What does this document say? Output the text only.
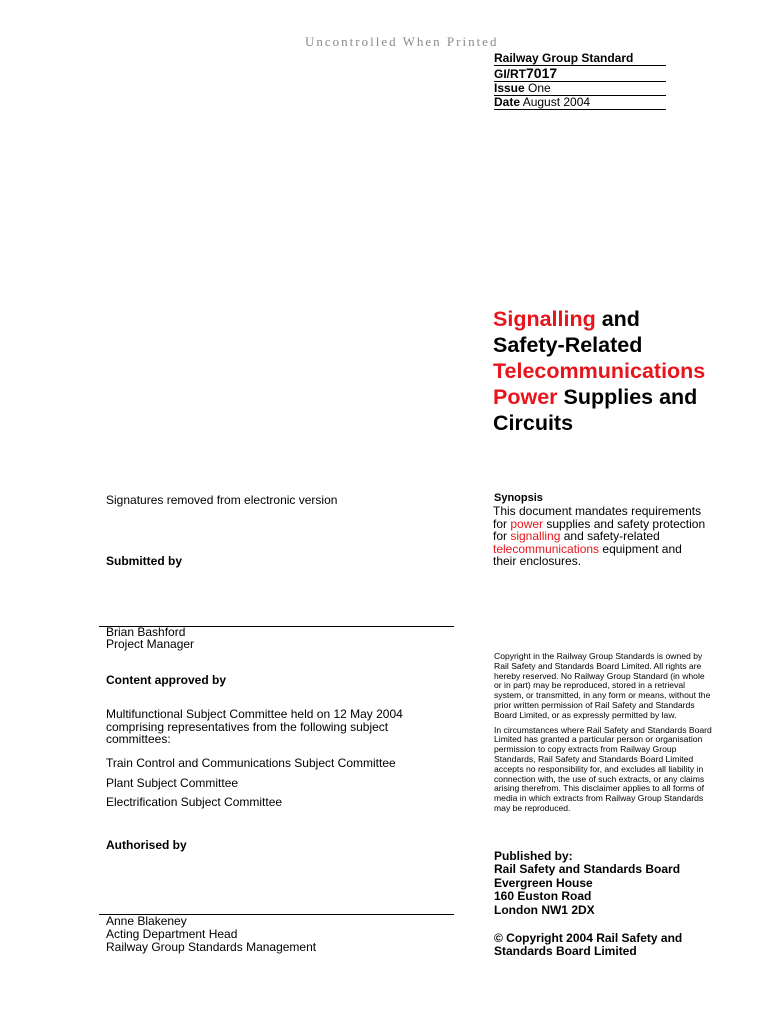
Uncontrolled When Printed
Railway Group Standard
GI/RT7017
Issue One
Date August 2004
Signalling and
Safety-Related
Telecommunications
Power Supplies and
Circuits
Synopsis
This document mandates requirements for power supplies and safety protection for signalling and safety-related telecommunications equipment and their enclosures.

Copyright in the Railway Group Standards is owned by Rail Safety and Standards Board Limited. All rights are hereby reserved. No Railway Group Standard (in whole or in part) may be reproduced, stored in a retrieval system, or transmitted, in any form or means, without the prior written permission of Rail Safety and Standards Board Limited, or as expressly permitted by law.

In circumstances where Rail Safety and Standards Board Limited has granted a particular person or organisation permission to copy extracts from Railway Group Standards, Rail Safety and Standards Board Limited accepts no responsibility for, and excludes all liability in connection with, the use of such extracts, or any claims arising therefrom. This disclaimer applies to all forms of media in which extracts from Railway Group Standards may be reproduced.

Published by:
Rail Safety and Standards Board
Evergreen House
160 Euston Road
London NW1 2DX
© Copyright 2004 Rail Safety and Standards Board Limited
Signatures removed from electronic version
Submitted by
Brian Bashford
Project Manager
Content approved by
Multifunctional Subject Committee held on 12 May 2004 comprising representatives from the following subject committees:
Train Control and Communications Subject Committee
Plant Subject Committee
Electrification Subject Committee
Authorised by
Anne Blakeney
Acting Department Head
Railway Group Standards Management
